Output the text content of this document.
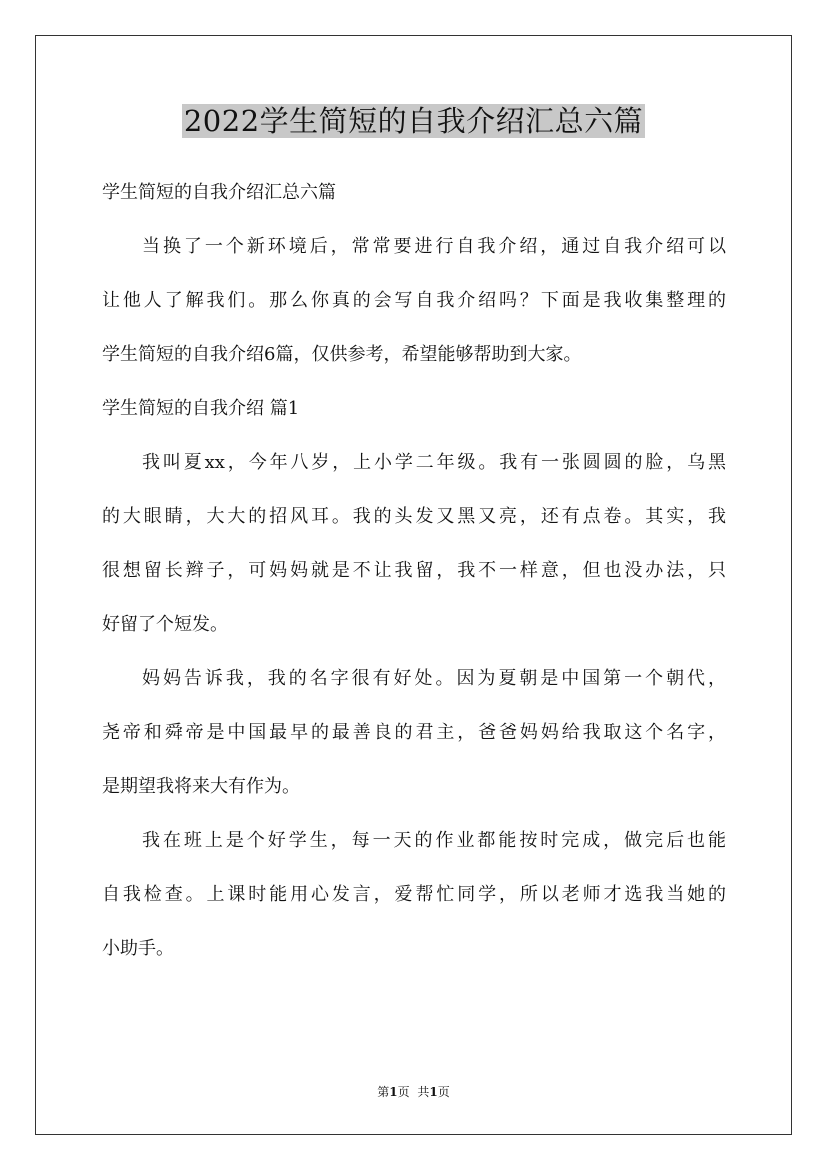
2022学生简短的自我介绍汇总六篇
学生简短的自我介绍汇总六篇
当换了一个新环境后，常常要进行自我介绍，通过自我介绍可以
让他人了解我们。那么你真的会写自我介绍吗？下面是我收集整理的
学生简短的自我介绍6篇，仅供参考，希望能够帮助到大家。
学生简短的自我介绍 篇1
我叫夏xx，今年八岁，上小学二年级。我有一张圆圆的脸，乌黑
的大眼睛，大大的招风耳。我的头发又黑又亮，还有点卷。其实，我
很想留长辫子，可妈妈就是不让我留，我不一样意，但也没办法，只
好留了个短发。
妈妈告诉我，我的名字很有好处。因为夏朝是中国第一个朝代，
尧帝和舜帝是中国最早的最善良的君主，爸爸妈妈给我取这个名字，
是期望我将来大有作为。
我在班上是个好学生，每一天的作业都能按时完成，做完后也能
自我检查。上课时能用心发言，爱帮忙同学，所以老师才选我当她的
小助手。
第1页 共1页
